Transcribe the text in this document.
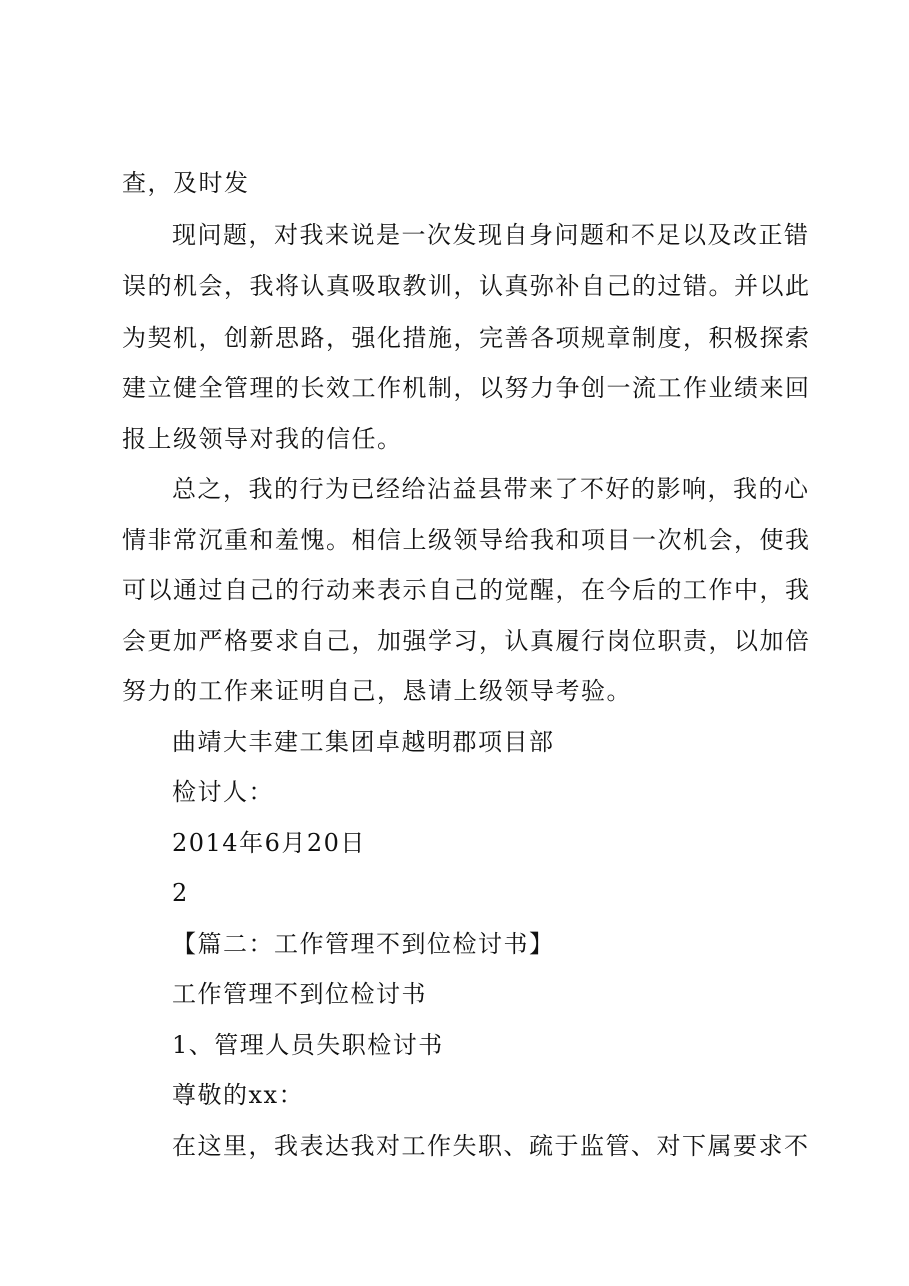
查，及时发
现问题，对我来说是一次发现自身问题和不足以及改正错
误的机会，我将认真吸取教训，认真弥补自己的过错。并以此
为契机，创新思路，强化措施，完善各项规章制度，积极探索
建立健全管理的长效工作机制，以努力争创一流工作业绩来回
报上级领导对我的信任。
总之，我的行为已经给沾益县带来了不好的影响，我的心
情非常沉重和羞愧。相信上级领导给我和项目一次机会，使我
可以通过自己的行动来表示自己的觉醒，在今后的工作中，我
会更加严格要求自己，加强学习，认真履行岗位职责，以加倍
努力的工作来证明自己，恳请上级领导考验。
曲靖大丰建工集团卓越明郡项目部
检讨人：
2014年6月20日
2
【篇二：工作管理不到位检讨书】
工作管理不到位检讨书
1、管理人员失职检讨书
尊敬的xx：
在这里，我表达我对工作失职、疏于监管、对下属要求不
